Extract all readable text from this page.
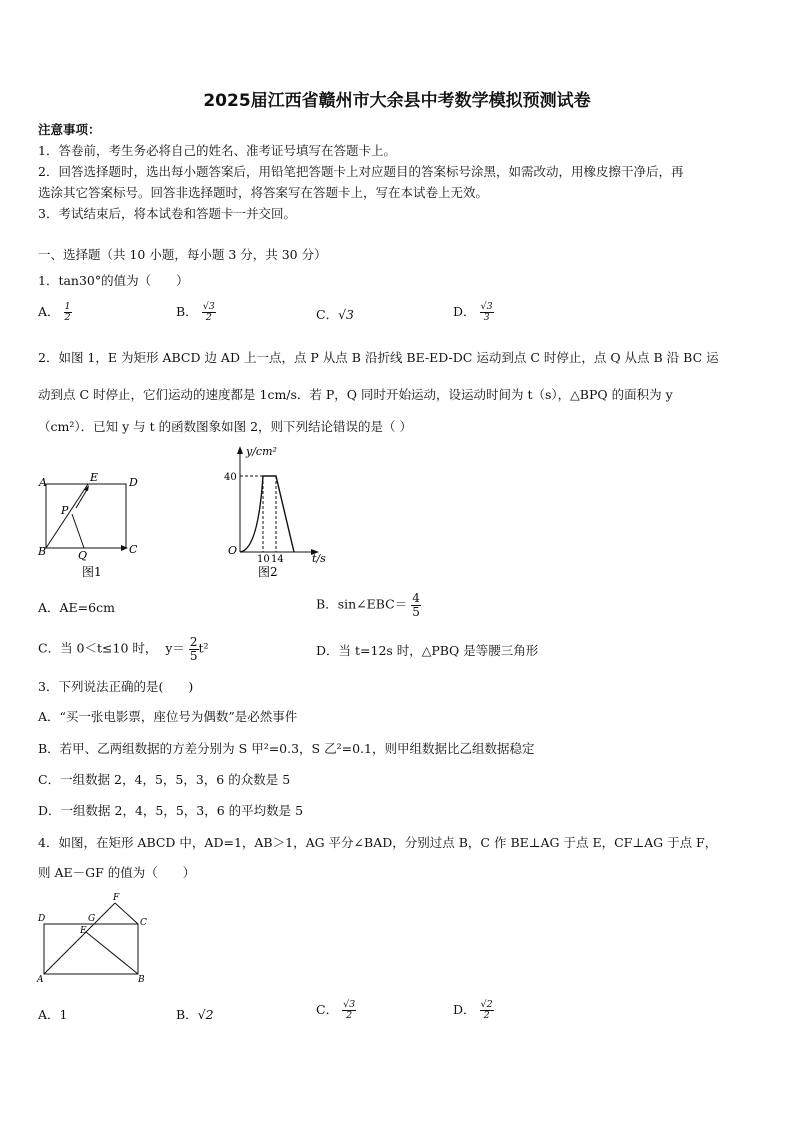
2025届江西省赣州市大余县中考数学模拟预测试卷
注意事项：
1．答卷前，考生务必将自己的姓名、准考证号填写在答题卡上。
2．回答选择题时，选出每小题答案后，用铅笔把答题卡上对应题目的答案标号涂黑，如需改动，用橡皮擦干净后，再
选涂其它答案标号。回答非选择题时，将答案写在答题卡上，写在本试卷上无效。
3．考试结束后，将本试卷和答题卡一并交回。
一、选择题（共 10 小题，每小题 3 分，共 30 分）
1．tan30°的值为（　　）
A． $\frac{1}{2}$	B． $\frac{√3}{2}$	C．√3	D． $\frac{√3}{3}$
2．如图 1，E 为矩形 ABCD 边 AD 上一点，点 P 从点 B 沿折线 BE-ED-DC 运动到点 C 时停止，点 Q 从点 B 沿 BC 运
动到点 C 时停止，它们运动的速度都是 1cm/s．若 P，Q 同时开始运动，设运动时间为 t（s），△BPQ 的面积为 y
（cm²）．已知 y 与 t 的函数图象如图 2，则下列结论错误的是（ ）
A	E	D
P
B	Q	C
图1
y/cm²
40
O
10 14	t/s
图2
A．AE=6cm	B．sin∠EBC＝ $\frac{4}{5}$
C．当 0＜t≤10 时， $y= \frac{2}{5} t^2$	D．当 t=12s 时，△PBQ 是等腰三角形
3．下列说法正确的是(　　)
A．“买一张电影票，座位号为偶数”是必然事件
B．若甲、乙两组数据的方差分别为 S 甲²=0.3，S 乙²=0.1，则甲组数据比乙组数据稳定
C．一组数据 2，4，5，5，3，6 的众数是 5
D．一组数据 2，4，5，5，3，6 的平均数是 5
4．如图，在矩形 ABCD 中，AD=1，AB＞1，AG 平分∠BAD，分别过点 B，C 作 BE⊥AG 于点 E，CF⊥AG 于点 F，
则 AE－GF 的值为（　　）
D	G
F
C
E
A	B
A．1	B．√2	C． $\frac{√3}{2}$	D． $\frac{√2}{2}$
